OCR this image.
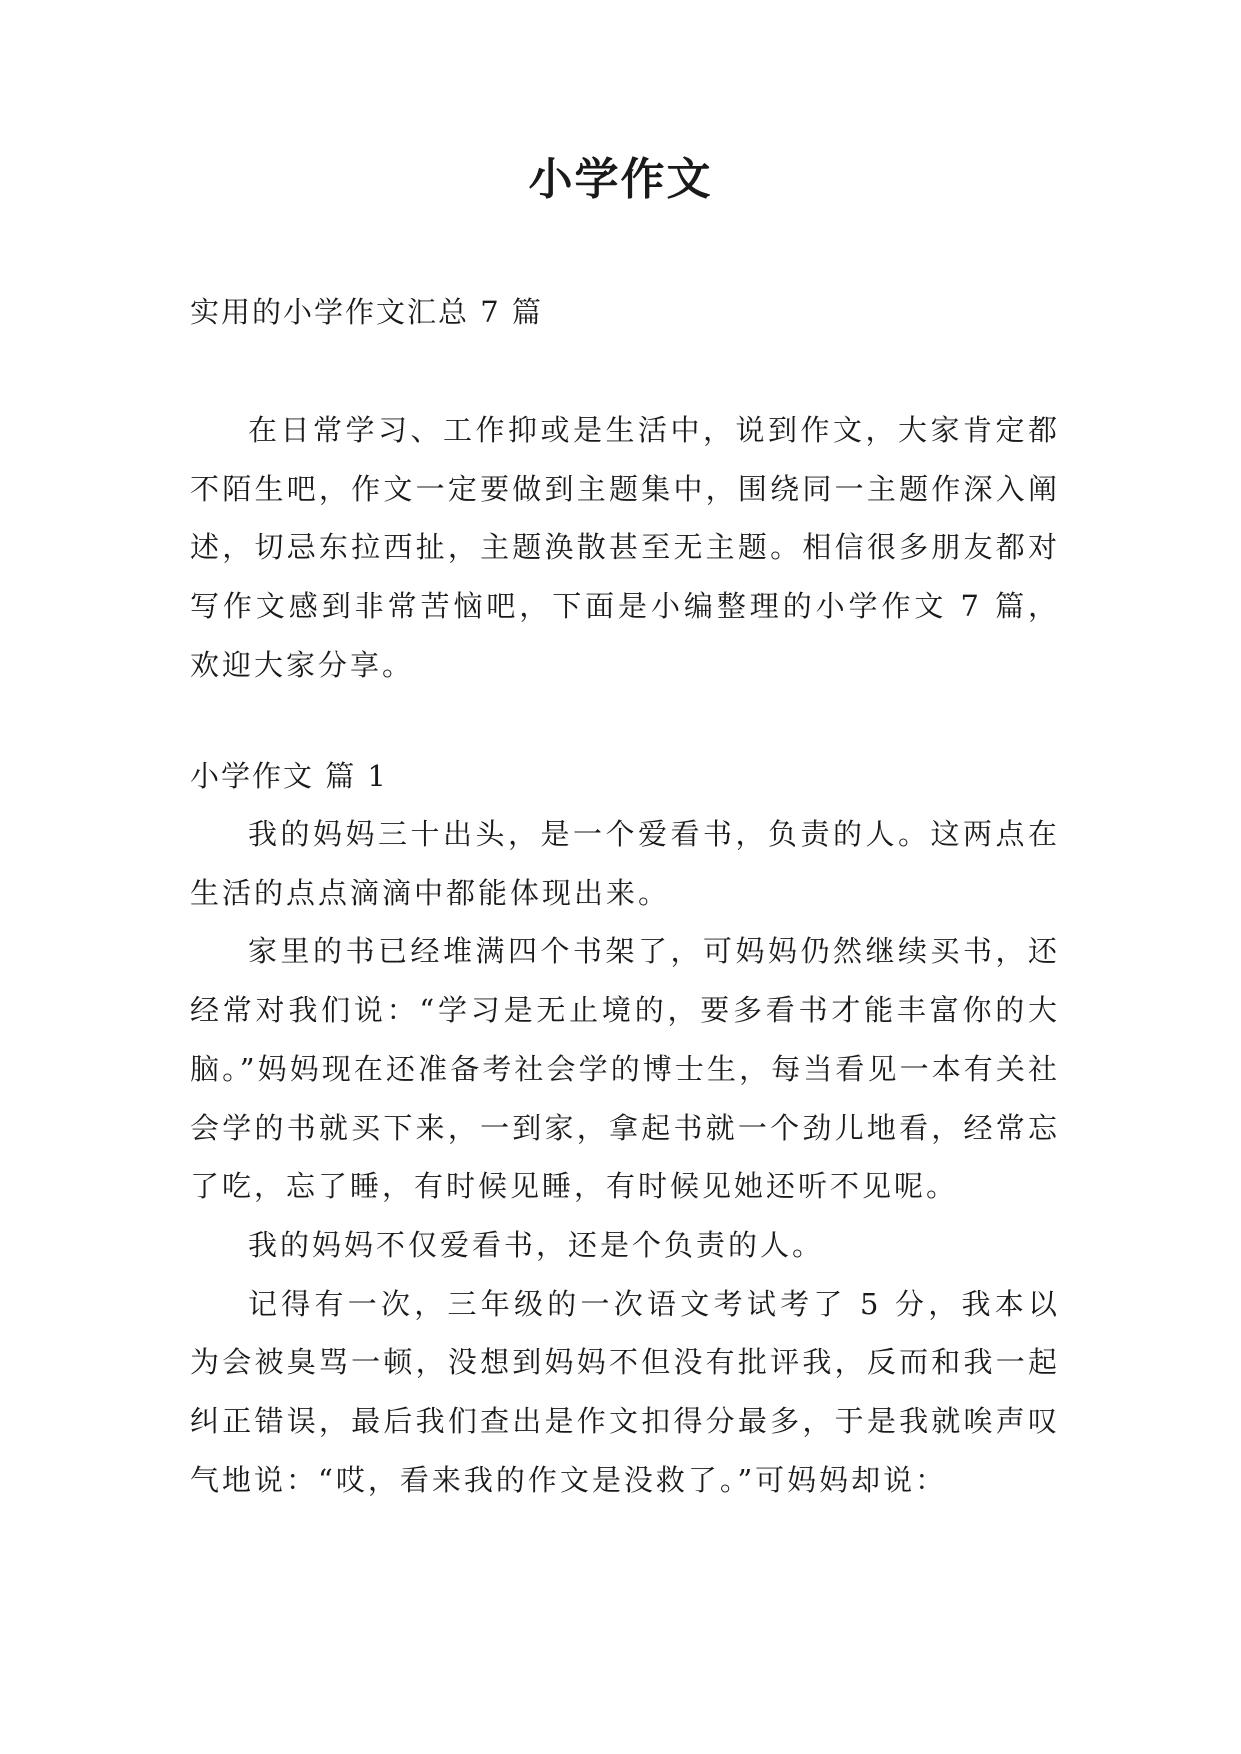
小学作文

实用的小学作文汇总 7 篇

在日常学习、工作抑或是生活中，说到作文，大家肯定都不陌生吧，作文一定要做到主题集中，围绕同一主题作深入阐述，切忌东拉西扯，主题涣散甚至无主题。相信很多朋友都对写作文感到非常苦恼吧，下面是小编整理的小学作文 7 篇，欢迎大家分享。

小学作文 篇 1

我的妈妈三十出头，是一个爱看书，负责的人。这两点在生活的点点滴滴中都能体现出来。

家里的书已经堆满四个书架了，可妈妈仍然继续买书，还经常对我们说：“学习是无止境的，要多看书才能丰富你的大脑。”妈妈现在还准备考社会学的博士生，每当看见一本有关社会学的书就买下来，一到家，拿起书就一个劲儿地看，经常忘了吃，忘了睡，有时候见睡，有时候见她还听不见呢。

我的妈妈不仅爱看书，还是个负责的人。

记得有一次，三年级的一次语文考试考了 5 分，我本以为会被臭骂一顿，没想到妈妈不但没有批评我，反而和我一起纠正错误，最后我们查出是作文扣得分最多，于是我就唉声叹气地说：“哎，看来我的作文是没救了。”可妈妈却说：
